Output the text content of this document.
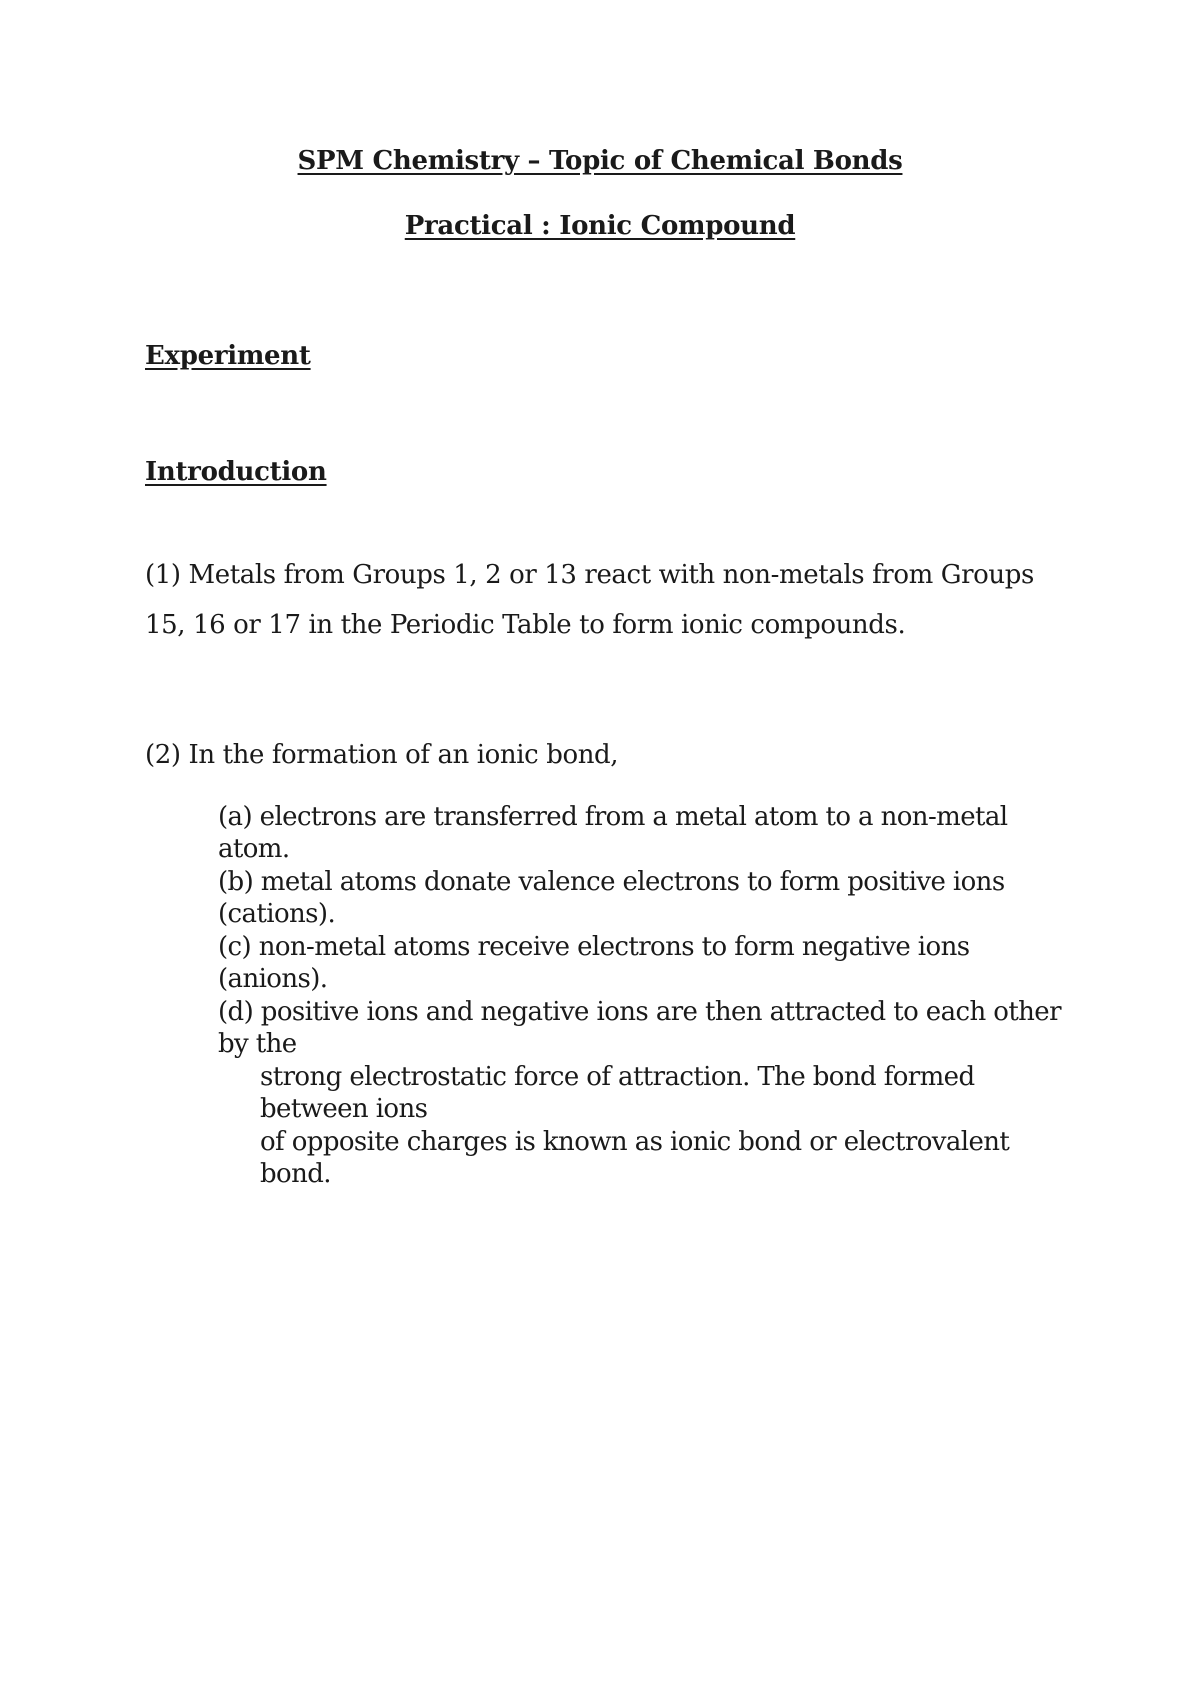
SPM Chemistry – Topic of Chemical Bonds
Practical : Ionic Compound
Experiment
Introduction

(1) Metals from Groups 1, 2 or 13 react with non-metals from Groups 15, 16 or 17 in the Periodic Table to form ionic compounds.

(2) In the formation of an ionic bond,

(a) electrons are transferred from a metal atom to a non-metal atom.

(b) metal atoms donate valence electrons to form positive ions (cations).

(c) non-metal atoms receive electrons to form negative ions (anions).

(d) positive ions and negative ions are then attracted to each other by the

strong electrostatic force of attraction. The bond formed between ions

of opposite charges is known as ionic bond or electrovalent bond.
